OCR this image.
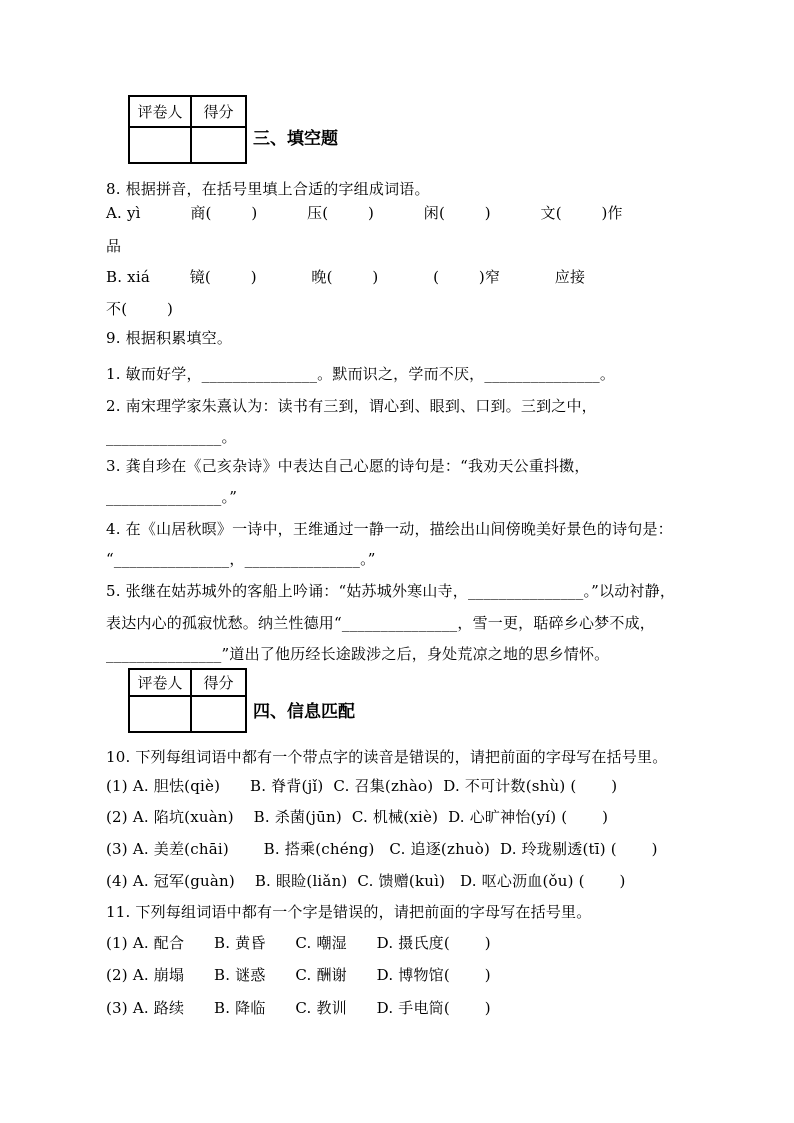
评卷人	得分
三、填空题
8. 根据拼音，在括号里填上合适的字组成词语。
A. yì          商(        )          压(        )          闲(        )          文(        )作
品
B. xiá        镜(        )           晚(        )           (        )窄           应接
不(        )
9. 根据积累填空。
1. 敏而好学，_______________。默而识之，学而不厌，_______________。
2. 南宋理学家朱熹认为：读书有三到，谓心到、眼到、口到。三到之中，
_______________。
3. 龚自珍在《己亥杂诗》中表达自己心愿的诗句是：“我劝天公重抖擞，
_______________。”
4. 在《山居秋暝》一诗中，王维通过一静一动，描绘出山间傍晚美好景色的诗句是：
“_______________，_______________。”
5. 张继在姑苏城外的客船上吟诵：“姑苏城外寒山寺，_______________。”以动衬静，
表达内心的孤寂忧愁。纳兰性德用“_______________，雪一更，聒碎乡心梦不成，
_______________”道出了他历经长途跋涉之后，身处荒凉之地的思乡情怀。
评卷人	得分
四、信息匹配
10. 下列每组词语中都有一个带点字的读音是错误的，请把前面的字母写在括号里。
(1) A. 胆怯(qiè)      B. 脊背(jǐ)  C. 召集(zhào)  D. 不可计数(shù) (       )
(2) A. 陷坑(xuàn)    B. 杀菌(jūn)  C. 机械(xiè)  D. 心旷神怡(yí) (       )
(3) A. 美差(chāi)       B. 搭乘(chéng)   C. 追逐(zhuò)  D. 玲珑剔透(tī) (       )
(4) A. 冠军(guàn)    B. 眼睑(liǎn)  C. 馈赠(kuì)   D. 呕心沥血(ǒu) (       )
11. 下列每组词语中都有一个字是错误的，请把前面的字母写在括号里。
(1) A. 配合      B. 黄昏      C. 嘲湿      D. 摄氏度(       )
(2) A. 崩塌      B. 谜惑      C. 酬谢      D. 博物馆(       )
(3) A. 路续      B. 降临      C. 教训      D. 手电筒(       )
